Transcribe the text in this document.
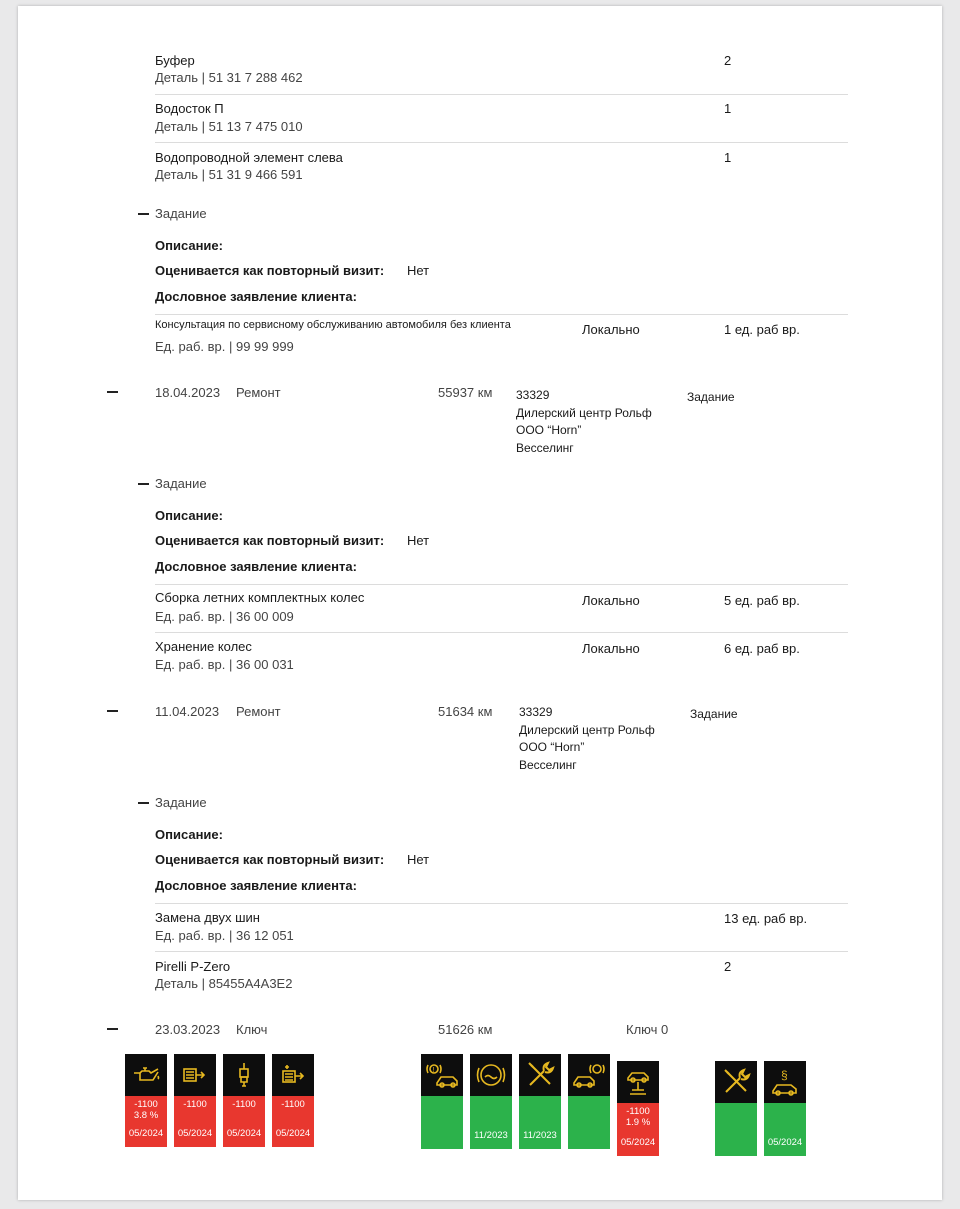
Буфер
Деталь | 51 31 7 288 462
2
Водосток П
Деталь | 51 13 7 475 010
1
Водопроводной элемент слева
Деталь | 51 31 9 466 591
1
Задание
Описание:
Оценивается как повторный визит: Нет
Дословное заявление клиента:
Консультация по сервисному обслуживанию автомобиля без клиента
Ед. раб. вр. | 99 99 999
Локально	1 ед. раб вр.
18.04.2023 Ремонт	55937 км 33329
Дилерский центр Рольф
ООО “Horn”
Весселинг
Задание
Задание
Описание:
Оценивается как повторный визит: Нет
Дословное заявление клиента:
Сборка летних комплектных колес
Ед. раб. вр. | 36 00 009
Локально	5 ед. раб вр.
Хранение колес
Ед. раб. вр. | 36 00 031
Локально	6 ед. раб вр.
11.04.2023 Ремонт	51634 км 33329
Дилерский центр Рольф
ООО “Horn”
Весселинг
Задание
Задание
Описание:
Оценивается как повторный визит: Нет
Дословное заявление клиента:
Замена двух шин
Ед. раб. вр. | 36 12 051
13 ед. раб вр.
Pirelli P-Zero
Деталь | 85455A4A3E2
2
23.03.2023 Ключ	51626 км	Ключ 0
-1100
3.8 %
05/2024
-1100
05/2024
-1100
05/2024
-1100
05/2024
!
11/2023	11/2023
-1100
1.9 %
05/2024
§
05/2024
